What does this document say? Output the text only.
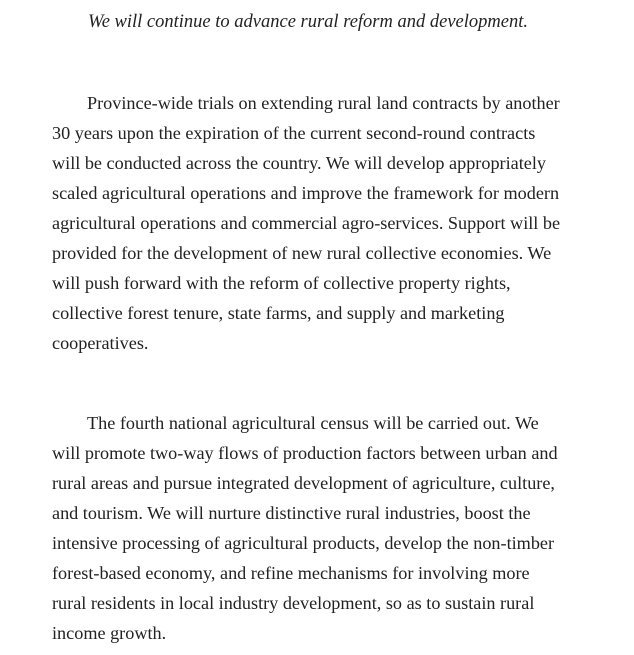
We will continue to advance rural reform and development.

Province-wide trials on extending rural land contracts by another
30 years upon the expiration of the current second-round contracts
will be conducted across the country. We will develop appropriately
scaled agricultural operations and improve the framework for modern
agricultural operations and commercial agro-services. Support will be
provided for the development of new rural collective economies. We
will push forward with the reform of collective property rights,
collective forest tenure, state farms, and supply and marketing
cooperatives.

The fourth national agricultural census will be carried out. We
will promote two-way flows of production factors between urban and
rural areas and pursue integrated development of agriculture, culture,
and tourism. We will nurture distinctive rural industries, boost the
intensive processing of agricultural products, develop the non-timber
forest-based economy, and refine mechanisms for involving more
rural residents in local industry development, so as to sustain rural
income growth.
